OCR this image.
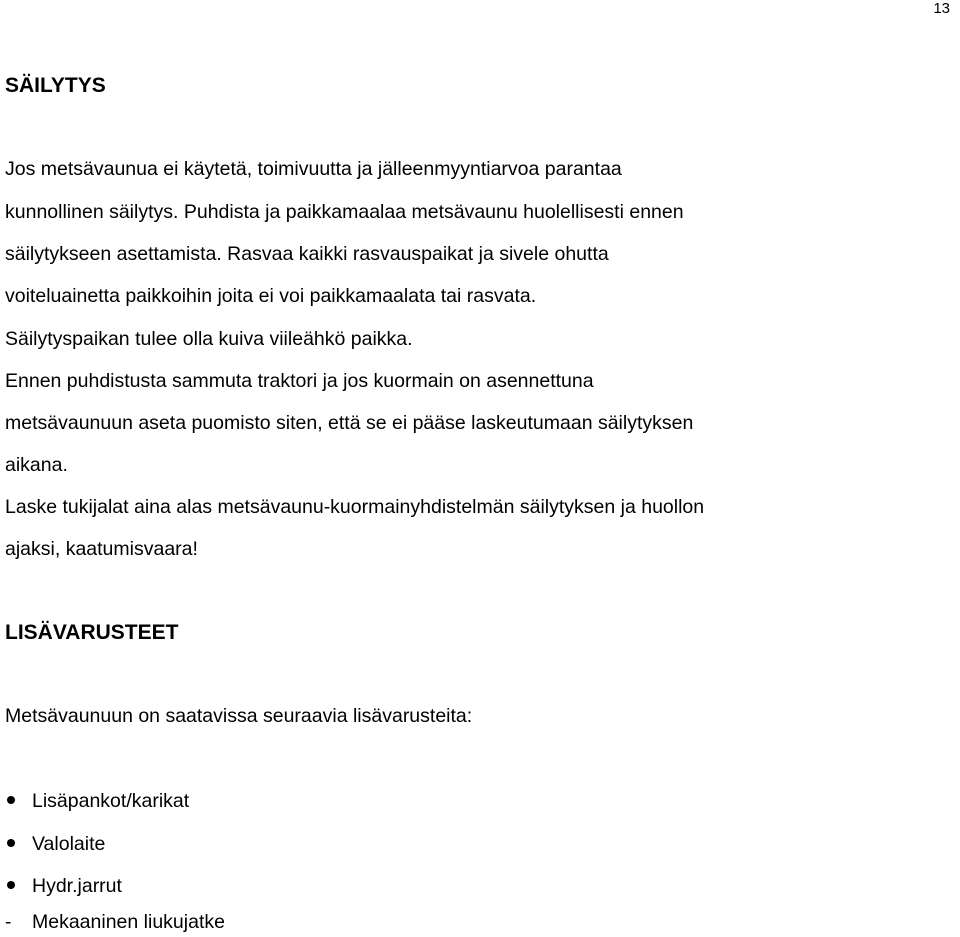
13
SÄILYTYS
Jos metsävaunua ei käytetä, toimivuutta ja jälleenmyyntiarvoa parantaa
kunnollinen säilytys. Puhdista ja paikkamaalaa metsävaunu huolellisesti ennen
säilytykseen asettamista. Rasvaa kaikki rasvauspaikat ja sivele ohutta
voiteluainetta paikkoihin joita ei voi paikkamaalata tai rasvata.
Säilytyspaikan tulee olla kuiva viileähkö paikka.
Ennen puhdistusta sammuta traktori ja jos kuormain on asennettuna
metsävaunuun aseta puomisto siten, että se ei pääse laskeutumaan säilytyksen
aikana.
Laske tukijalat aina alas metsävaunu-kuormainyhdistelmän säilytyksen ja huollon
ajaksi, kaatumisvaara!
LISÄVARUSTEET
Metsävaunuun on saatavissa seuraavia lisävarusteita:
Lisäpankot/karikat
Valolaite
Hydr.jarrut
- Mekaaninen liukujatke
